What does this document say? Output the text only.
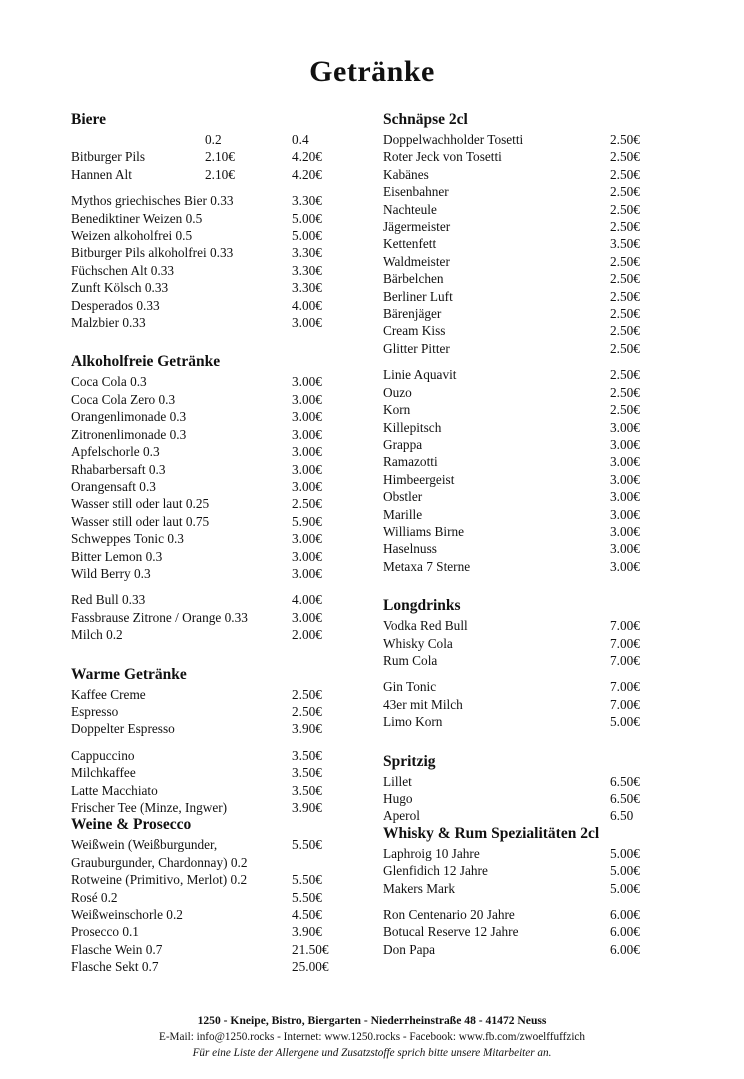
Getränke
Biere
0.2	0.4
Bitburger Pils	2.10€	4.20€
Hannen Alt	2.10€	4.20€
Mythos griechisches Bier 0.33	3.30€
Benediktiner Weizen 0.5	5.00€
Weizen alkoholfrei 0.5	5.00€
Bitburger Pils alkoholfrei 0.33	3.30€
Füchschen Alt 0.33	3.30€
Zunft Kölsch 0.33	3.30€
Desperados 0.33	4.00€
Malzbier 0.33	3.00€
Alkoholfreie Getränke
Coca Cola 0.3	3.00€
Coca Cola Zero 0.3	3.00€
Orangenlimonade 0.3	3.00€
Zitronenlimonade 0.3	3.00€
Apfelschorle 0.3	3.00€
Rhabarbersaft 0.3	3.00€
Orangensaft 0.3	3.00€
Wasser still oder laut 0.25	2.50€
Wasser still oder laut 0.75	5.90€
Schweppes Tonic 0.3	3.00€
Bitter Lemon 0.3	3.00€
Wild Berry 0.3	3.00€
Red Bull 0.33	4.00€
Fassbrause Zitrone / Orange 0.33	3.00€
Milch 0.2	2.00€
Warme Getränke
Kaffee Creme	2.50€
Espresso	2.50€
Doppelter Espresso	3.90€
Cappuccino	3.50€
Milchkaffee	3.50€
Latte Macchiato	3.50€
Frischer Tee (Minze, Ingwer)	3.90€
Weine & Prosecco
Weißwein (Weißburgunder,	5.50€
Grauburgunder, Chardonnay) 0.2
Rotweine (Primitivo, Merlot) 0.2	5.50€
Rosé 0.2	5.50€
Weißweinschorle 0.2	4.50€
Prosecco 0.1	3.90€
Flasche Wein 0.7	21.50€
Flasche Sekt 0.7	25.00€
Schnäpse 2cl
Doppelwachholder Tosetti	2.50€
Roter Jeck von Tosetti	2.50€
Kabänes	2.50€
Eisenbahner	2.50€
Nachteule	2.50€
Jägermeister	2.50€
Kettenfett	3.50€
Waldmeister	2.50€
Bärbelchen	2.50€
Berliner Luft	2.50€
Bärenjäger	2.50€
Cream Kiss	2.50€
Glitter Pitter	2.50€
Linie Aquavit	2.50€
Ouzo	2.50€
Korn	2.50€
Killepitsch	3.00€
Grappa	3.00€
Ramazotti	3.00€
Himbeergeist	3.00€
Obstler	3.00€
Marille	3.00€
Williams Birne	3.00€
Haselnuss	3.00€
Metaxa 7 Sterne	3.00€
Longdrinks
Vodka Red Bull	7.00€
Whisky Cola	7.00€
Rum Cola	7.00€
Gin Tonic	7.00€
43er mit Milch	7.00€
Limo Korn	5.00€
Spritzig
Lillet	6.50€
Hugo	6.50€
Aperol	6.50
Whisky & Rum Spezialitäten 2cl
Laphroig 10 Jahre	5.00€
Glenfidich 12 Jahre	5.00€
Makers Mark	5.00€
Ron Centenario 20 Jahre	6.00€
Botucal Reserve 12 Jahre	6.00€
Don Papa	6.00€
1250 - Kneipe, Bistro, Biergarten - Niederrheinstraße 48 - 41472 Neuss
E-Mail: info@1250.rocks - Internet: www.1250.rocks - Facebook: www.fb.com/zwoelffuffzich
Für eine Liste der Allergene und Zusatzstoffe sprich bitte unsere Mitarbeiter an.
